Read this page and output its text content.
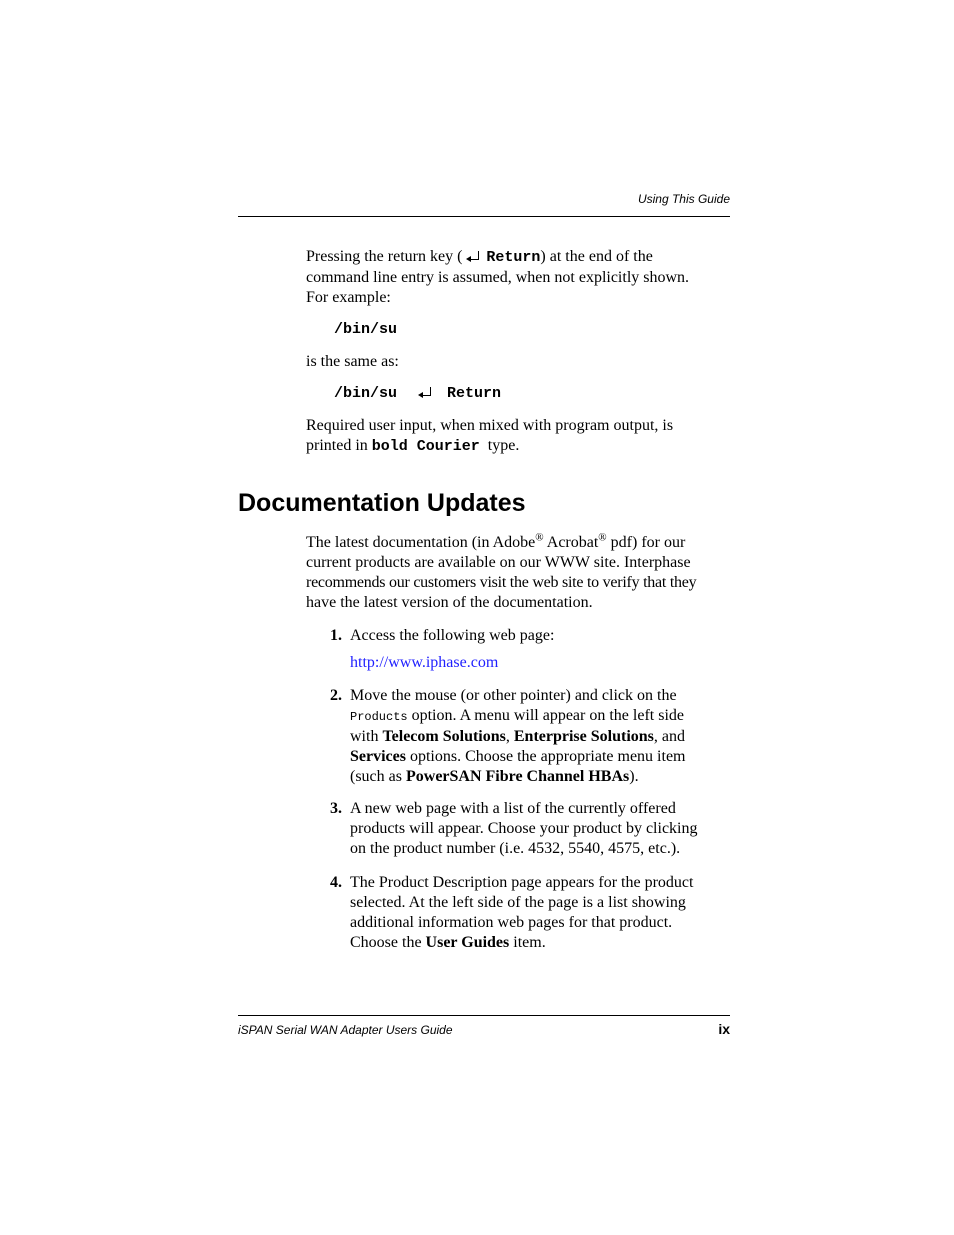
Using This Guide
Pressing the return key ( Return) at the end of the
command line entry is assumed, when not explicitly shown.
For example:
/bin/su
is the same as:
/bin/su	Return
Required user input, when mixed with program output, is
printed in bold Courier type.
Documentation Updates
The latest documentation (in Adobe® Acrobat® pdf) for our
current products are available on our WWW site. Interphase
recommends our customers visit the web site to verify that they
have the latest version of the documentation.
1. Access the following web page:
http://www.iphase.com
2. Move the mouse (or other pointer) and click on the
Products option. A menu will appear on the left side
with Telecom Solutions, Enterprise Solutions, and
Services options. Choose the appropriate menu item
(such as PowerSAN Fibre Channel HBAs).
3. A new web page with a list of the currently offered
products will appear. Choose your product by clicking
on the product number (i.e. 4532, 5540, 4575, etc.).
4. The Product Description page appears for the product
selected. At the left side of the page is a list showing
additional information web pages for that product.
Choose the User Guides item.
iSPAN Serial WAN Adapter Users Guide	ix
